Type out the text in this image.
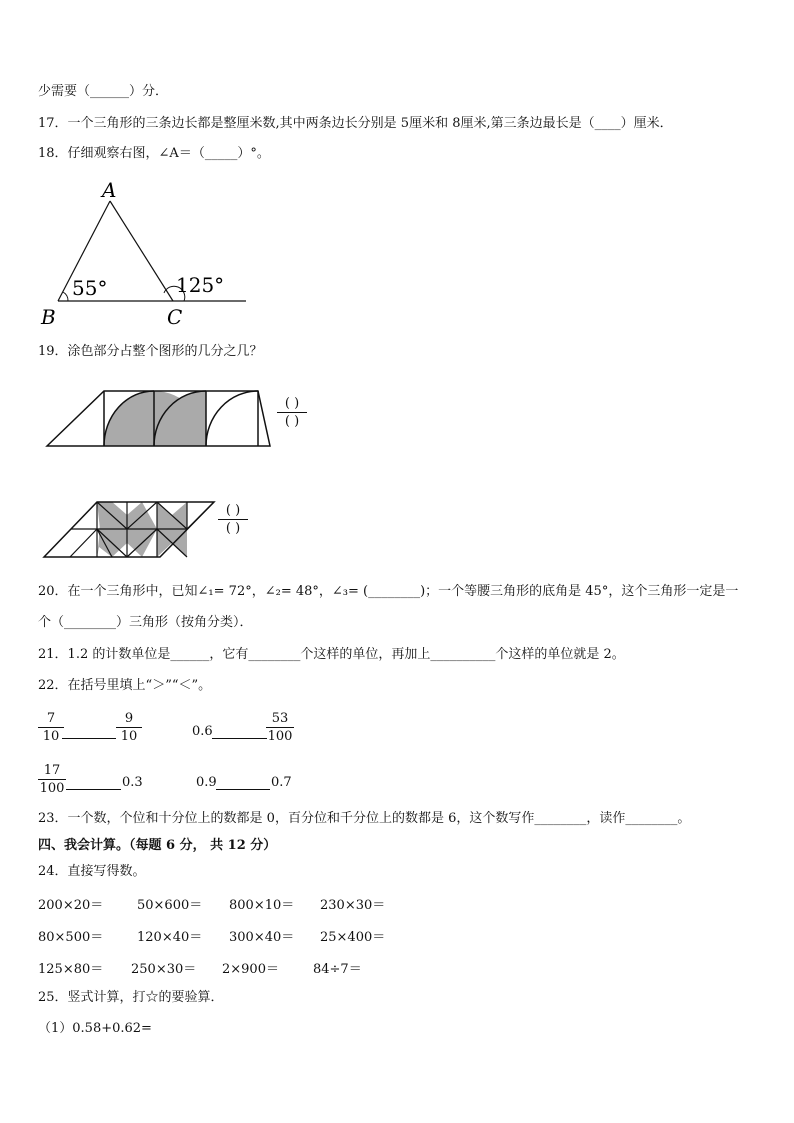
少需要（______）分．
17．一个三角形的三条边长都是整厘米数,其中两条边长分别是 5厘米和 8厘米,第三条边最长是（____）厘米．
18．仔细观察右图，∠A＝（_____）°。
A
B	C
55°	125°
19．涂色部分占整个图形的几分之几？
( )
( )
( )
( )
20．在一个三角形中，已知∠₁= 72°，∠₂= 48°，∠₃= (________)；一个等腰三角形的底角是 45°，这个三角形一定是一
个（________）三角形（按角分类）．
21．1.2 的计数单位是______，它有________个这样的单位，再加上__________个这样的单位就是 2。
22．在括号里填上“＞”“＜”。
$\frac{7}{10}$	$\frac{9}{10}$	0.6	$\frac{53}{100}$
$\frac{17}{100}$	0.3	0.9	0.7
23．一个数，个位和十分位上的数都是 0，百分位和千分位上的数都是 6，这个数写作________，读作________。
四、我会计算。（每题 6 分， 共 12 分）
24．直接写得数。
200×20＝	50×600＝ 800×10＝ 230×30＝
80×500＝	120×40＝ 300×40＝ 25×400＝
125×80＝ 250×30＝ 2×900＝	84÷7＝
25．竖式计算，打☆的要验算．
（1）0.58+0.62=
